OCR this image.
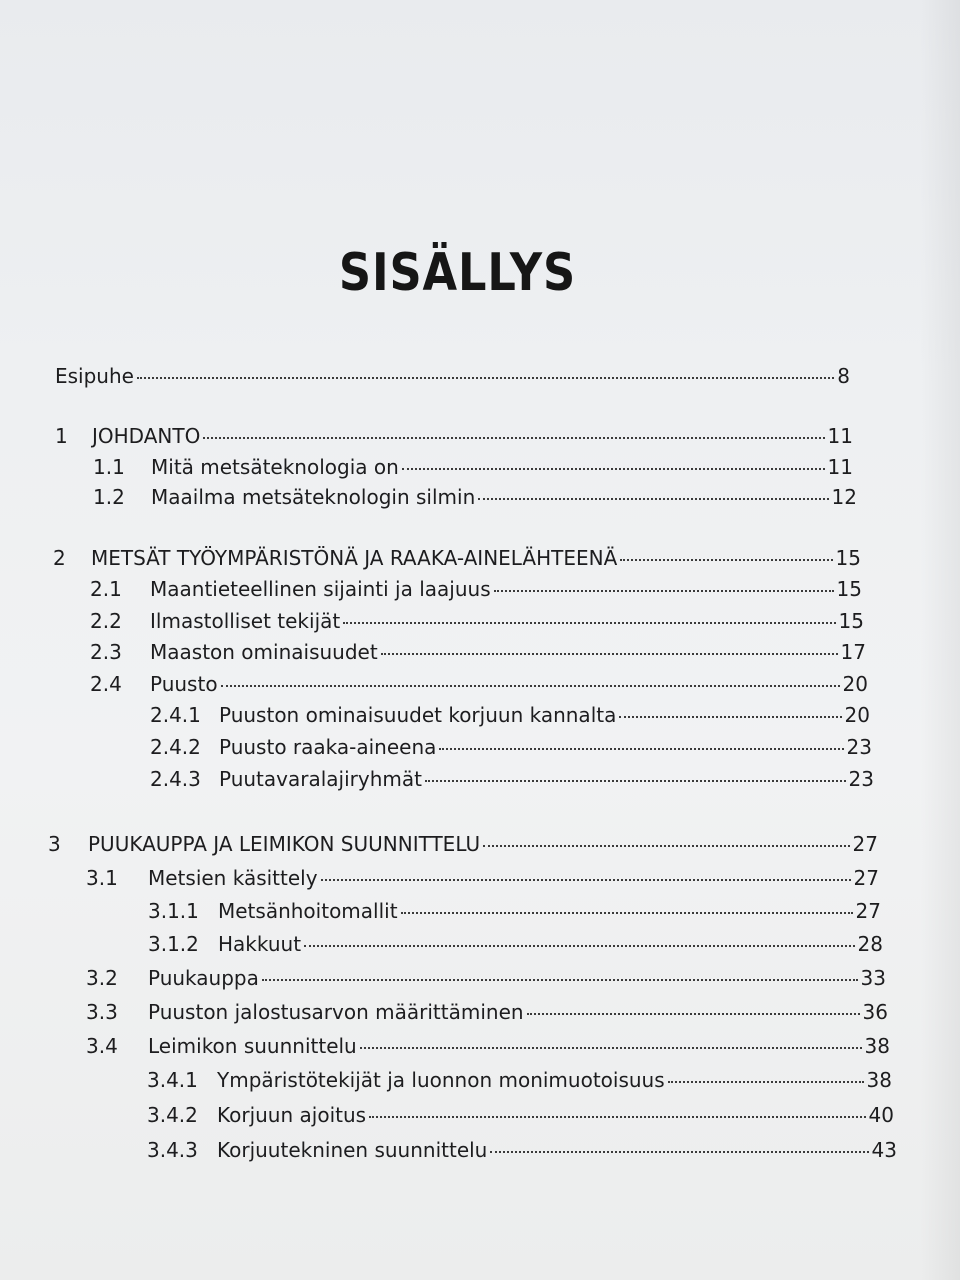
SISÄLLYS
Esipuhe	8
1	JOHDANTO	11
1.1	Mitä metsäteknologia on	11
1.2	Maailma metsäteknologin silmin	12
2	METSÄT TYÖYMPÄRISTÖNÄ JA RAAKA-AINELÄHTEENÄ	15
2.1	Maantieteellinen sijainti ja laajuus	15
2.2	Ilmastolliset tekijät	15
2.3	Maaston ominaisuudet	17
2.4	Puusto	20
2.4.1 Puuston ominaisuudet korjuun kannalta	20
2.4.2 Puusto raaka-aineena	23
2.4.3 Puutavaralajiryhmät	23
3	PUUKAUPPA JA LEIMIKON SUUNNITTELU	27
3.1	Metsien käsittely	27
3.1.1 Metsänhoitomallit	27
3.1.2 Hakkuut	28
3.2	Puukauppa	33
3.3	Puuston jalostusarvon määrittäminen	36
3.4	Leimikon suunnittelu	38
3.4.1 Ympäristötekijät ja luonnon monimuotoisuus	38
3.4.2 Korjuun ajoitus	40
3.4.3 Korjuutekninen suunnittelu	43
